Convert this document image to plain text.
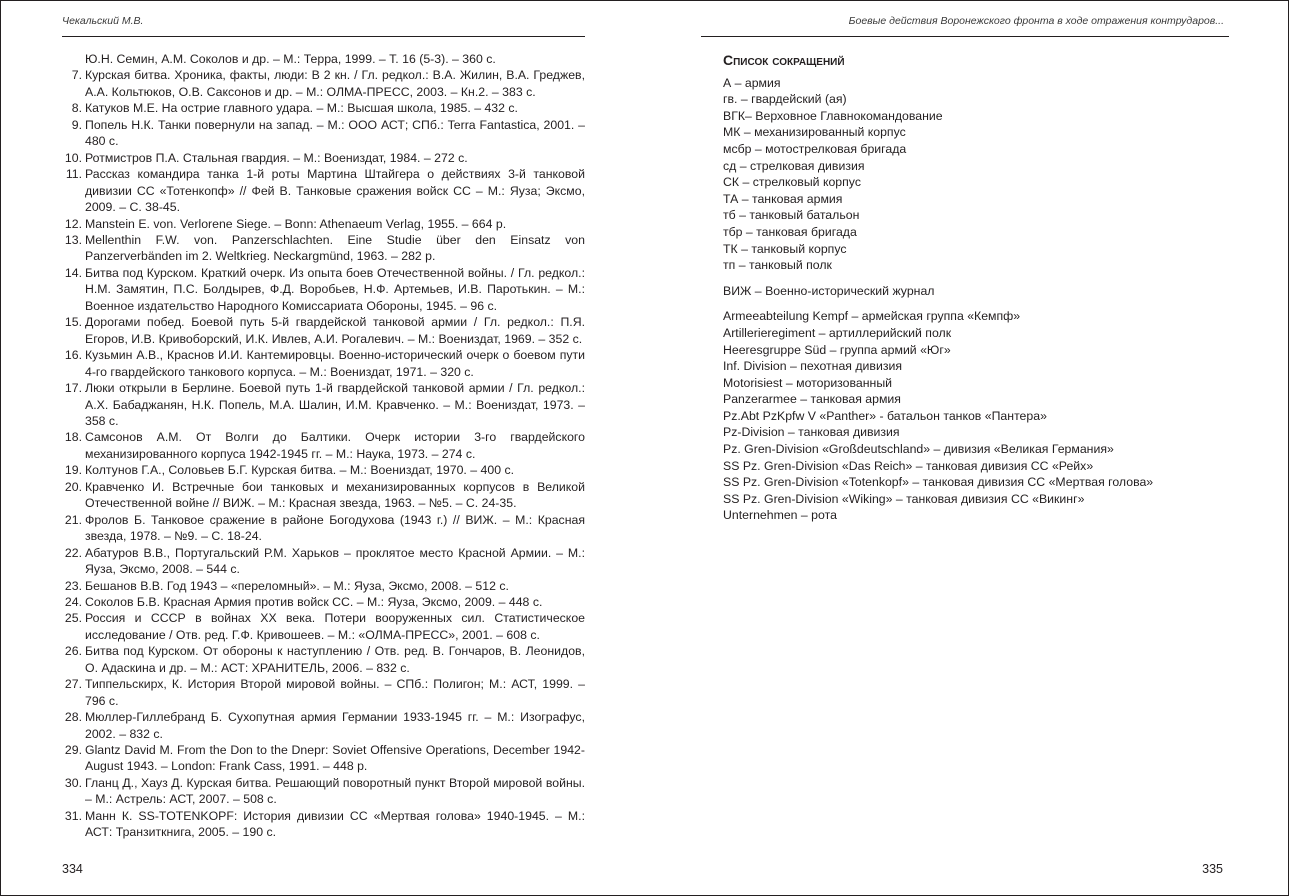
Чекальский М.В.
Ю.Н. Семин, А.М. Соколов и др. – М.: Терра, 1999. – Т. 16 (5-3). – 360 с.
7. Курская битва. Хроника, факты, люди: В 2 кн. / Гл. редкол.: В.А. Жилин, В.А. Греджев, А.А. Кольтюков, О.В. Саксонов и др. – М.: ОЛМА-ПРЕСС, 2003. – Кн.2. – 383 с.
8. Катуков М.Е. На острие главного удара. – М.: Высшая школа, 1985. – 432 с.
9. Попель Н.К. Танки повернули на запад. – М.: ООО АСТ; СПб.: Terra Fantastica, 2001. – 480 с.
10. Ротмистров П.А. Стальная гвардия. – М.: Воениздат, 1984. – 272 с.
11. Рассказ командира танка 1-й роты Мартина Штайгера о действиях 3-й танковой дивизии СС «Тотенкопф» // Фей В. Танковые сражения войск СС – М.: Яуза; Эксмо, 2009. – С. 38-45.
12. Manstein E. von. Verlorene Siege. – Bonn: Athenaeum Verlag, 1955. – 664 p.
13. Mellenthin F.W. von. Panzerschlachten. Eine Studie über den Einsatz von Panzerverbänden im 2. Weltkrieg. Neckargmünd, 1963. – 282 p.
14. Битва под Курском. Краткий очерк. Из опыта боев Отечественной войны. / Гл. редкол.: Н.М. Замятин, П.С. Болдырев, Ф.Д. Воробьев, Н.Ф. Артемьев, И.В. Паротькин. – М.: Военное издательство Народного Комиссариата Обороны, 1945. – 96 с.
15. Дорогами побед. Боевой путь 5-й гвардейской танковой армии / Гл. редкол.: П.Я. Егоров, И.В. Кривоборский, И.К. Ивлев, А.И. Рогалевич. – М.: Воениздат, 1969. – 352 с.
16. Кузьмин А.В., Краснов И.И. Кантемировцы. Военно-исторический очерк о боевом пути 4-го гвардейского танкового корпуса. – М.: Воениздат, 1971. – 320 с.
17. Люки открыли в Берлине. Боевой путь 1-й гвардейской танковой армии / Гл. редкол.: А.Х. Бабаджанян, Н.К. Попель, М.А. Шалин, И.М. Кравченко. – М.: Воениздат, 1973. – 358 с.
18. Самсонов А.М. От Волги до Балтики. Очерк истории 3-го гвардейского механизированного корпуса 1942-1945 гг. – М.: Наука, 1973. – 274 с.
19. Колтунов Г.А., Соловьев Б.Г. Курская битва. – М.: Воениздат, 1970. – 400 с.
20. Кравченко И. Встречные бои танковых и механизированных корпусов в Великой Отечественной войне // ВИЖ. – М.: Красная звезда, 1963. – №5. – С. 24-35.
21. Фролов Б. Танковое сражение в районе Богодухова (1943 г.) // ВИЖ. – М.: Красная звезда, 1978. – №9. – С. 18-24.
22. Абатуров В.В., Португальский Р.М. Харьков – проклятое место Красной Армии. – М.: Яуза, Эксмо, 2008. – 544 с.
23. Бешанов В.В. Год 1943 – «переломный». – М.: Яуза, Эксмо, 2008. – 512 с.
24. Соколов Б.В. Красная Армия против войск СС. – М.: Яуза, Эксмо, 2009. – 448 с.
25. Россия и СССР в войнах XX века. Потери вооруженных сил. Статистическое исследование / Отв. ред. Г.Ф. Кривошеев. – М.: «ОЛМА-ПРЕСС», 2001. – 608 с.
26. Битва под Курском. От обороны к наступлению / Отв. ред. В. Гончаров, В. Леонидов, О. Адаскина и др. – М.: АСТ: ХРАНИТЕЛЬ, 2006. – 832 с.
27. Типпельскирх, К. История Второй мировой войны. – СПб.: Полигон; М.: АСТ, 1999. – 796 с.
28. Мюллер-Гиллебранд Б. Сухопутная армия Германии 1933-1945 гг. – М.: Изографус, 2002. – 832 с.
29. Glantz David M. From the Don to the Dnepr: Soviet Offensive Operations, December 1942-August 1943. – London: Frank Cass, 1991. – 448 p.
30. Гланц Д., Хауз Д. Курская битва. Решающий поворотный пункт Второй мировой войны. – М.: Астрель: АСТ, 2007. – 508 с.
31. Манн К. SS-TOTENKOPF: История дивизии СС «Мертвая голова» 1940-1945. – М.: АСТ: Транзиткнига, 2005. – 190 с.
334
Боевые действия Воронежского фронта в ходе отражения контрударов...
Список сокращений
А – армия
гв. – гвардейский (ая)
ВГК– Верховное Главнокомандование
МК – механизированный корпус
мсбр – мотострелковая бригада
сд – стрелковая дивизия
СК – стрелковый корпус
ТА – танковая армия
тб – танковый батальон
тбр – танковая бригада
ТК – танковый корпус
тп – танковый полк
ВИЖ – Военно-исторический журнал
Armeeabteilung Kempf – армейская группа «Кемпф»
Artillerieregiment – артиллерийский полк
Heeresgruppe Süd – группа армий «Юг»
Inf. Division – пехотная дивизия
Motorisiest – моторизованный
Panzerarmee – танковая армия
Pz.Abt PzKpfw V «Panther» - батальон танков «Пантера»
Pz-Division – танковая дивизия
Pz. Gren-Division «Großdeutschland» – дивизия «Великая Германия»
SS Pz. Gren-Division «Das Reich» – танковая дивизия СС «Рейх»
SS Pz. Gren-Division «Totenkopf» – танковая дивизия СС «Мертвая голова»
SS Pz. Gren-Division «Wiking» – танковая дивизия СС «Викинг»
Unternehmen – рота
335
